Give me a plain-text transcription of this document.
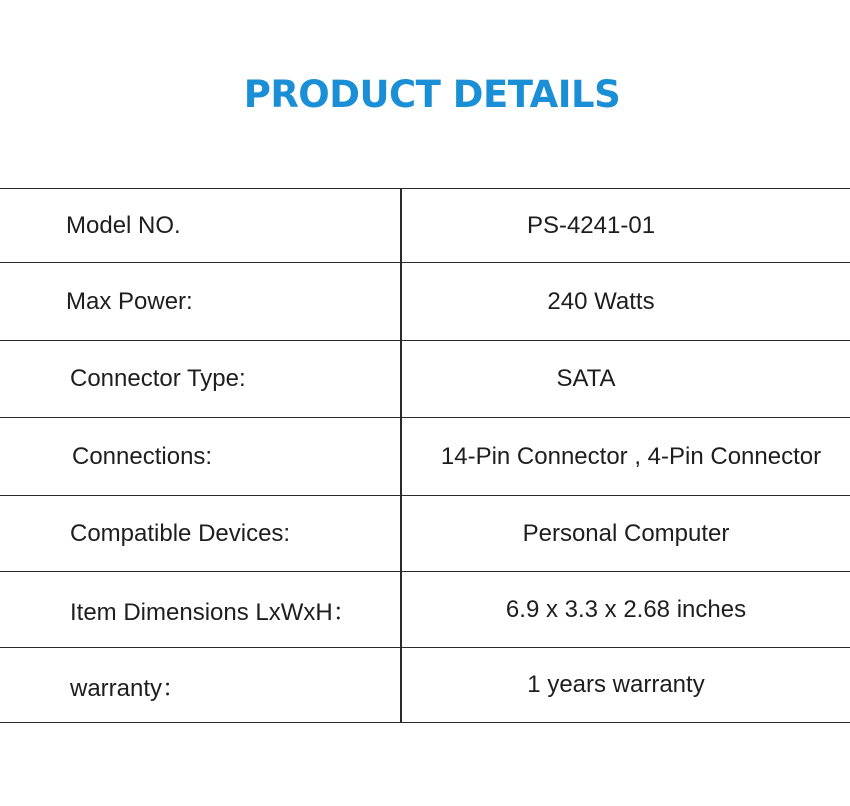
PRODUCT DETAILS
Model NO.	PS-4241-01
Max Power:	240 Watts
Connector Type:	SATA
Connections:	14-Pin Connector , 4-Pin Connector
Compatible Devices:	Personal Computer
Item Dimensions LxWxH：	6.9 x 3.3 x 2.68 inches
warranty：	1 years warranty
